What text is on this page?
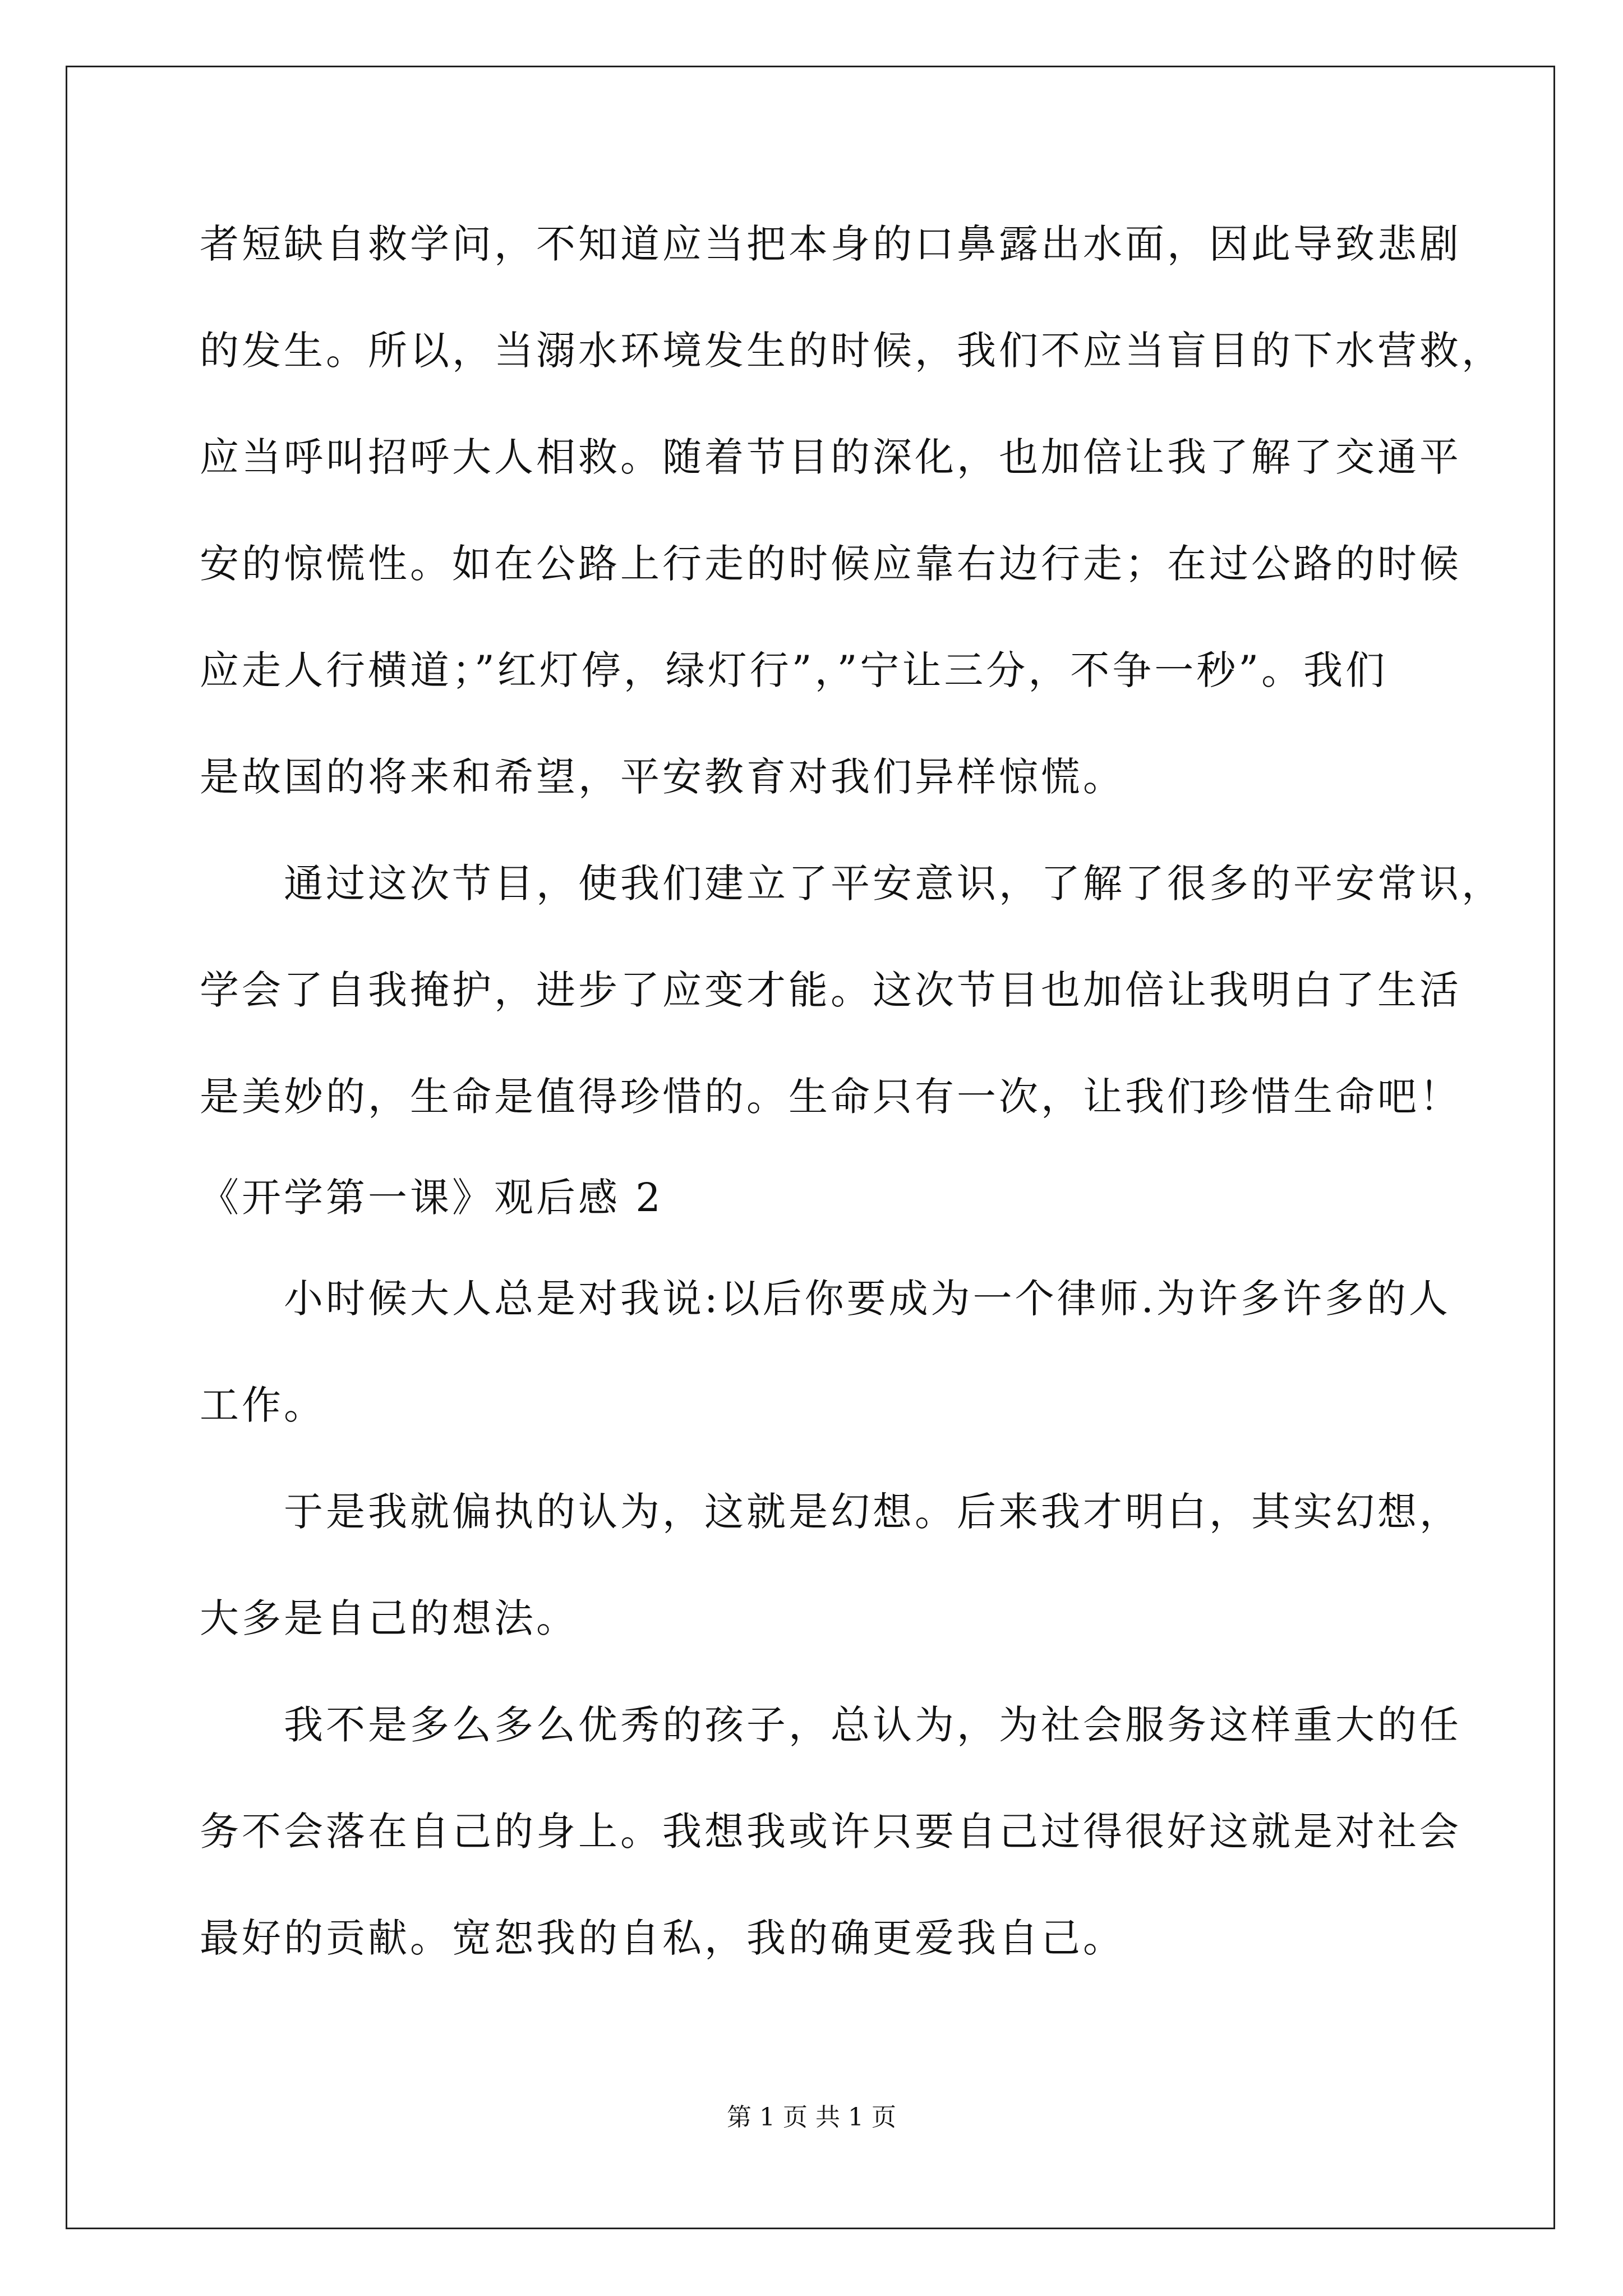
者短缺自救学问，不知道应当把本身的口鼻露出水面，因此导致悲剧
的发生。所以，当溺水环境发生的时候，我们不应当盲目的下水营救，
应当呼叫招呼大人相救。随着节目的深化，也加倍让我了解了交通平
安的惊慌性。如在公路上行走的时候应靠右边行走；在过公路的时候
应走人行横道；”红灯停，绿灯行”，”宁让三分，不争一秒”。我们
是故国的将来和希望，平安教育对我们异样惊慌。
通过这次节目，使我们建立了平安意识，了解了很多的平安常识，
学会了自我掩护，进步了应变才能。这次节目也加倍让我明白了生活
是美妙的，生命是值得珍惜的。生命只有一次，让我们珍惜生命吧！
《开学第一课》观后感 2
小时候大人总是对我说:以后你要成为一个律师.为许多许多的人
工作。
于是我就偏执的认为，这就是幻想。后来我才明白，其实幻想，
大多是自己的想法。
我不是多么多么优秀的孩子，总认为，为社会服务这样重大的任
务不会落在自己的身上。我想我或许只要自己过得很好这就是对社会
最好的贡献。宽恕我的自私，我的确更爱我自己。
第 1 页 共 1 页
